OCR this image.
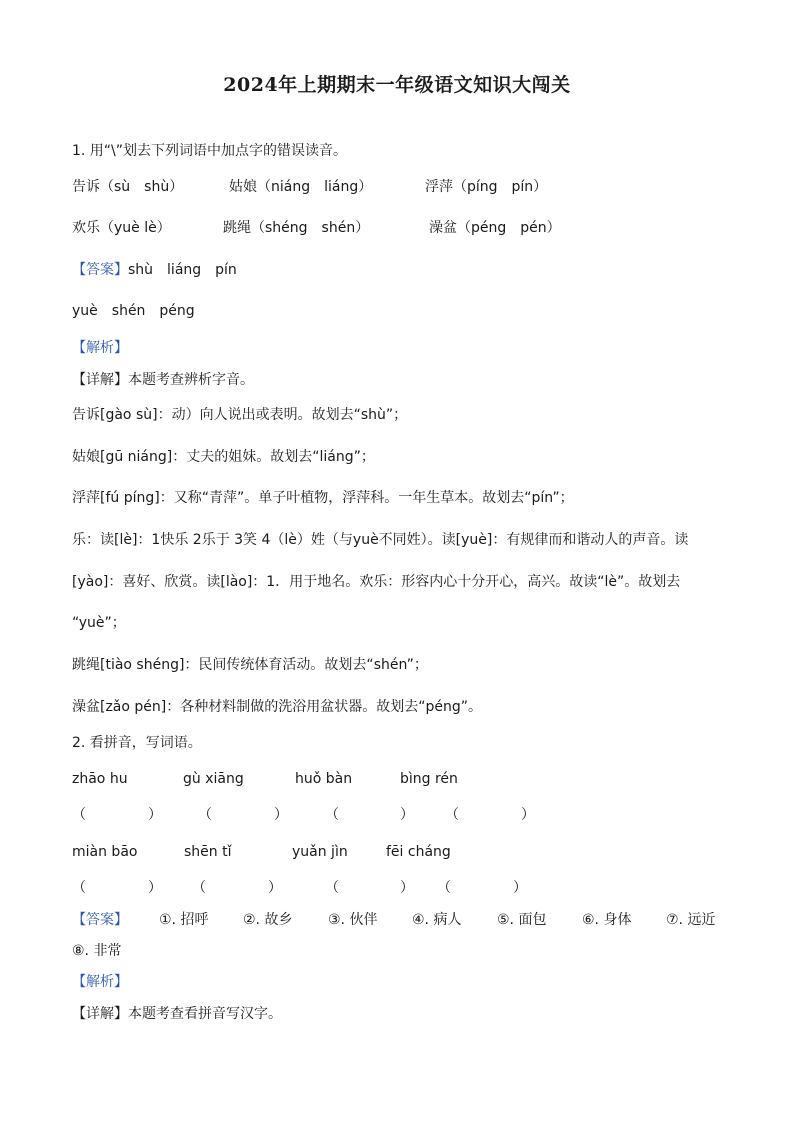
2024年上期期末一年级语文知识大闯关
1. 用“\”划去下列词语中加点字的错误读音。
告诉（sù　shù）	姑娘（niáng　liáng）	浮萍（píng　pín）
欢乐（yuè lè）	跳绳（shéng　shén）	澡盆（péng　pén）
【答案】shù　liáng　pín
yuè　shén　péng
【解析】
【详解】本题考查辨析字音。
告诉[gào sù]：动）向人说出或表明。故划去“shù”；
姑娘[gū niáng]：丈夫的姐妹。故划去“liáng”；
浮萍[fú píng]：又称“青萍”。单子叶植物，浮萍科。一年生草本。故划去“pín”；
乐：读[lè]：1快乐 2乐于 3笑 4（lè）姓（与yuè不同姓）。读[yuè]：有规律而和谐动人的声音。读
[yào]：喜好、欣赏。读[lào]：1．用于地名。欢乐：形容内心十分开心，高兴。故读“lè”。故划去
“yuè”；
跳绳[tiào shéng]：民间传统体育活动。故划去“shén”；
澡盆[zǎo pén]：各种材料制做的洗浴用盆状器。故划去“péng”。
2. 看拼音，写词语。
zhāo hu	gù xiāng	huǒ bàn	bìng rén
（	）	（	）	（	） （	）
miàn bāo	shēn tǐ	yuǎn jìn	fēi cháng
（	） （	）	（	） （	）
【答案】 ①. 招呼 ②. 故乡	③. 伙伴 ④. 病人	⑤. 面包	⑥. 身体 ⑦. 远近
⑧. 非常
【解析】
【详解】本题考查看拼音写汉字。
